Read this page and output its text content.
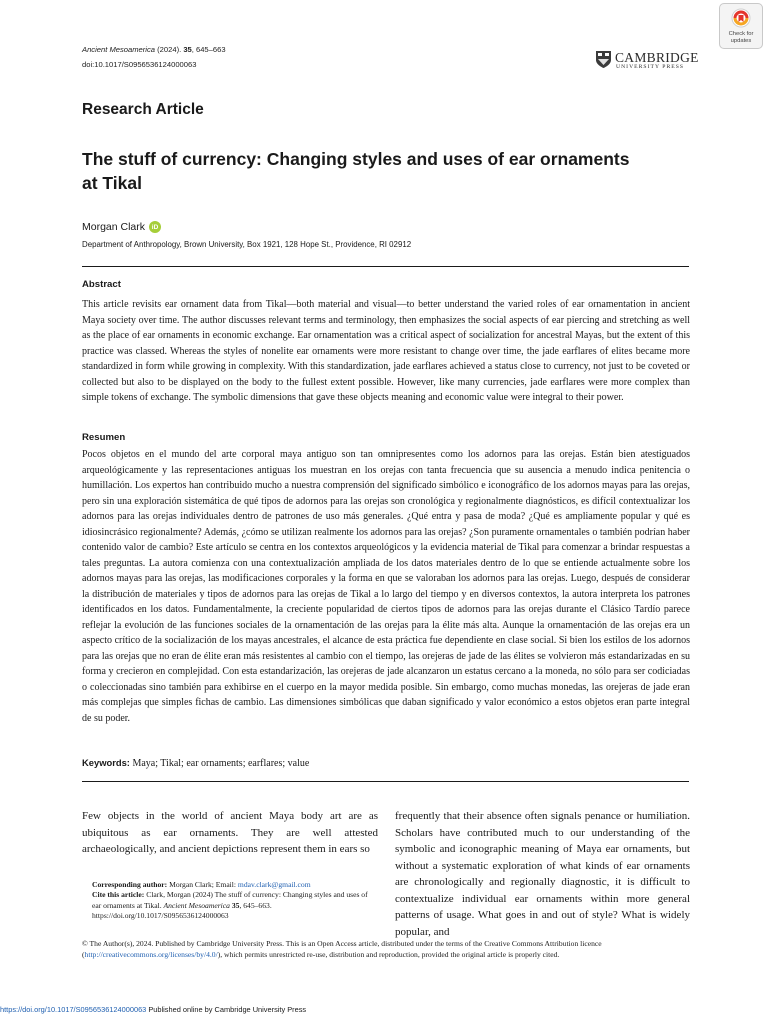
Ancient Mesoamerica (2024). 35, 645–663
doi:10.1017/S0956536124000063	CAMBRIDGE
UNIVERSITY PRESS
Check for
updates
Research Article
The stuff of currency: Changing styles and uses of ear ornaments at Tikal
Morgan Clark	iD
Department of Anthropology, Brown University, Box 1921, 128 Hope St., Providence, RI 02912
Abstract
This article revisits ear ornament data from Tikal—both material and visual—to better understand the varied roles of ear ornamentation in ancient Maya society over time. The author discusses relevant terms and terminology, then emphasizes the social aspects of ear piercing and stretching as well as the place of ear ornaments in economic exchange. Ear ornamentation was a critical aspect of socialization for ancestral Mayas, but the extent of this practice was classed. Whereas the styles of nonelite ear ornaments were more resistant to change over time, the jade earflares of elites became more standardized in form while growing in complexity. With this standardization, jade earflares achieved a status close to currency, not just to be coveted or collected but also to be displayed on the body to the fullest extent possible. However, like many currencies, jade earflares were more complex than simple tokens of exchange. The symbolic dimensions that gave these objects meaning and economic value were integral to their power.
Resumen
Pocos objetos en el mundo del arte corporal maya antiguo son tan omnipresentes como los adornos para las orejas. Están bien atestiguados arqueológicamente y las representaciones antiguas los muestran en los orejas con tanta frecuencia que su ausencia a menudo indica penitencia o humillación. Los expertos han contribuido mucho a nuestra comprensión del significado simbólico e iconográfico de los adornos mayas para las orejas, pero sin una exploración sistemática de qué tipos de adornos para las orejas son cronológica y regionalmente diagnósticos, es difícil contextualizar los adornos para las orejas individuales dentro de patrones de uso más generales. ¿Qué entra y pasa de moda? ¿Qué es ampliamente popular y qué es idiosincrásico regionalmente? Además, ¿cómo se utilizan realmente los adornos para las orejas? ¿Son puramente ornamentales o también podrían haber contenido valor de cambio? Este artículo se centra en los contextos arqueológicos y la evidencia material de Tikal para comenzar a brindar respuestas a tales preguntas. La autora comienza con una contextualización ampliada de los datos materiales dentro de lo que se entiende actualmente sobre los adornos mayas para las orejas, las modificaciones corporales y la forma en que se valoraban los adornos para las orejas. Luego, después de considerar la distribución de materiales y tipos de adornos para las orejas de Tikal a lo largo del tiempo y en diversos contextos, la autora interpreta los patrones identificados en los datos. Fundamentalmente, la creciente popularidad de ciertos tipos de adornos para las orejas durante el Clásico Tardío parece reflejar la evolución de las funciones sociales de la ornamentación de las orejas para la élite más alta. Aunque la ornamentación de las orejas era un aspecto crítico de la socialización de los mayas ancestrales, el alcance de esta práctica fue dependiente en clase social. Si bien los estilos de los adornos para las orejas que no eran de élite eran más resistentes al cambio con el tiempo, las orejeras de jade de las élites se volvieron más estandarizadas en su forma y crecieron en complejidad. Con esta estandarización, las orejeras de jade alcanzaron un estatus cercano a la moneda, no sólo para ser codiciadas o coleccionadas sino también para exhibirse en el cuerpo en la mayor medida posible. Sin embargo, como muchas monedas, las orejeras de jade eran más complejas que simples fichas de cambio. Las dimensiones simbólicas que daban significado y valor económico a estos objetos eran parte integral de su poder.
Keywords: Maya; Tikal; ear ornaments; earflares; value
Few objects in the world of ancient Maya body art are as ubiquitous as ear ornaments. They are well attested archaeologically, and ancient depictions represent them in ears so
frequently that their absence often signals penance or humiliation. Scholars have contributed much to our understanding of the symbolic and iconographic meaning of Maya ear ornaments, but without a systematic exploration of what kinds of ear ornaments are chronologically and regionally diagnostic, it is difficult to contextualize individual ear ornaments within more general patterns of usage. What goes in and out of style? What is widely popular, and
Corresponding author: Morgan Clark; Email: mdav.clark@gmail.com
Cite this article: Clark, Morgan (2024) The stuff of currency: Changing styles and uses of ear ornaments at Tikal. Ancient Mesoamerica 35, 645–663. https://doi.org/10.1017/S0956536124000063
© The Author(s), 2024. Published by Cambridge University Press. This is an Open Access article, distributed under the terms of the Creative Commons Attribution licence (http://creativecommons.org/licenses/by/4.0/), which permits unrestricted re-use, distribution and reproduction, provided the original article is properly cited.
https://doi.org/10.1017/S0956536124000063 Published online by Cambridge University Press
